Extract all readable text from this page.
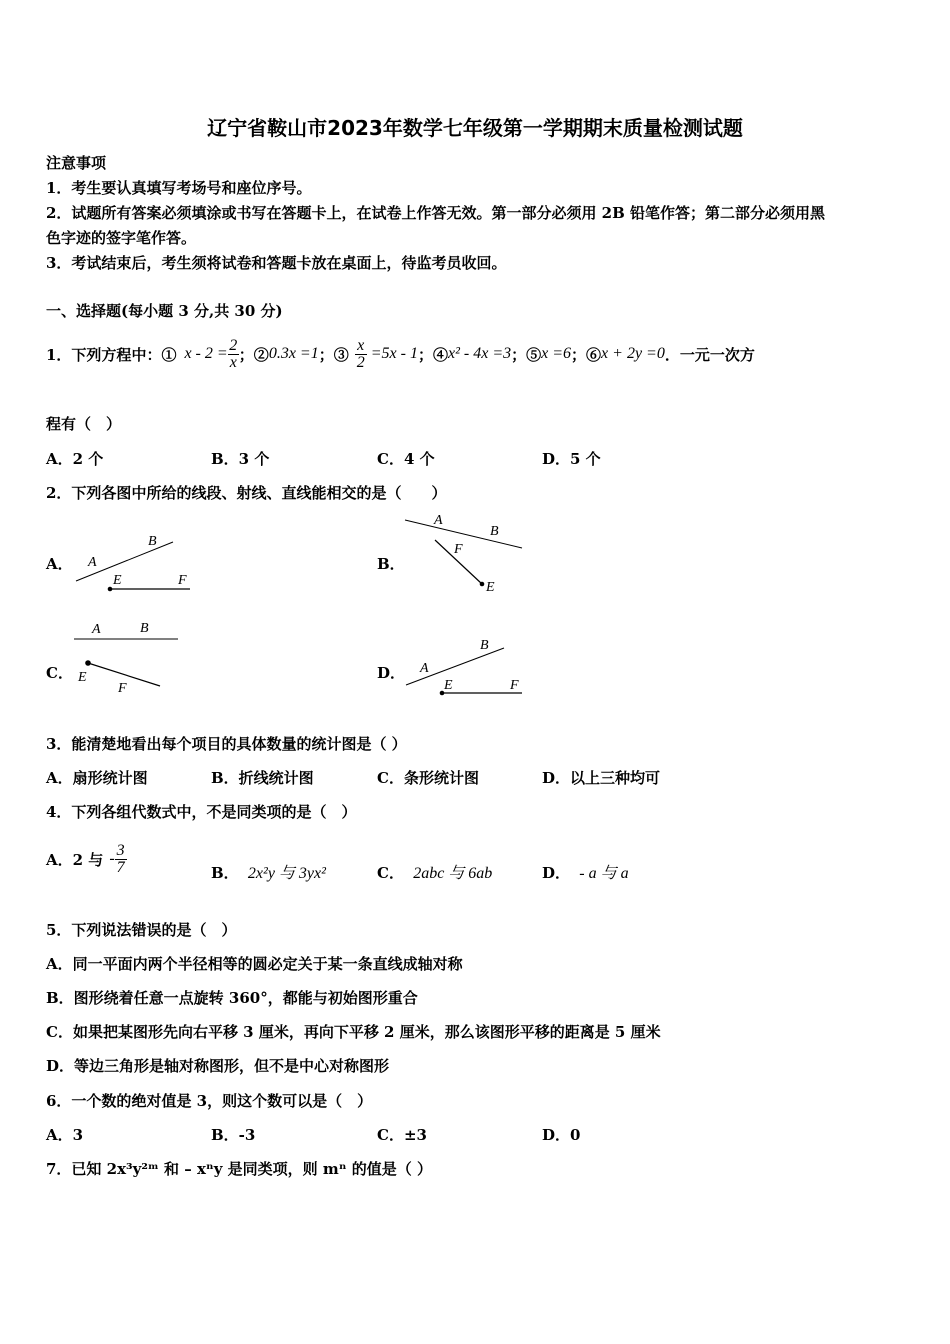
辽宁省鞍山市2023年数学七年级第一学期期末质量检测试题
注意事项
1．考生要认真填写考场号和座位序号。
2．试题所有答案必须填涂或书写在答题卡上，在试卷上作答无效。第一部分必须用 2B 铅笔作答；第二部分必须用黑
色字迹的签字笔作答。
3．考试结束后，考生须将试卷和答题卡放在桌面上，待监考员收回。
一、选择题(每小题 3 分,共 30 分)
1．下列方程中：① $x - 2 = \frac{2}{x}$ ；② 0.3x =1 ；③ $\frac{x}{2} =5x - 1$ ；④ x² - 4x =3 ；⑤ x =6 ；⑥ x + 2y =0 ．一元一次方
程有（　）
A．2 个	B．3 个	C．4 个	D．5 个
2．下列各图中所给的线段、射线、直线能相交的是（　　）
A． A
B
E	F
B．
A
B
F
E
C．
A	B
E
F
D． A
B
E	F
3．能清楚地看出每个项目的具体数量的统计图是（ ）
A．扇形统计图	B．折线统计图	C．条形统计图	D．以上三种均可
4．下列各组代数式中，不是同类项的是（　）
A．2 与 - $\frac{3}{7}$	B． 2x²y 与 3yx²	C． 2abc 与 6ab	D． - a 与 a
5．下列说法错误的是（　）
A．同一平面内两个半径相等的圆必定关于某一条直线成轴对称
B．图形绕着任意一点旋转 360°，都能与初始图形重合
C．如果把某图形先向右平移 3 厘米，再向下平移 2 厘米，那么该图形平移的距离是 5 厘米
D．等边三角形是轴对称图形，但不是中心对称图形
6．一个数的绝对值是 3，则这个数可以是（　）
A．3	B．-3	C．±3	D．0
7．已知 2x³y²ᵐ 和 – xⁿy 是同类项，则 mⁿ 的值是（ ）
